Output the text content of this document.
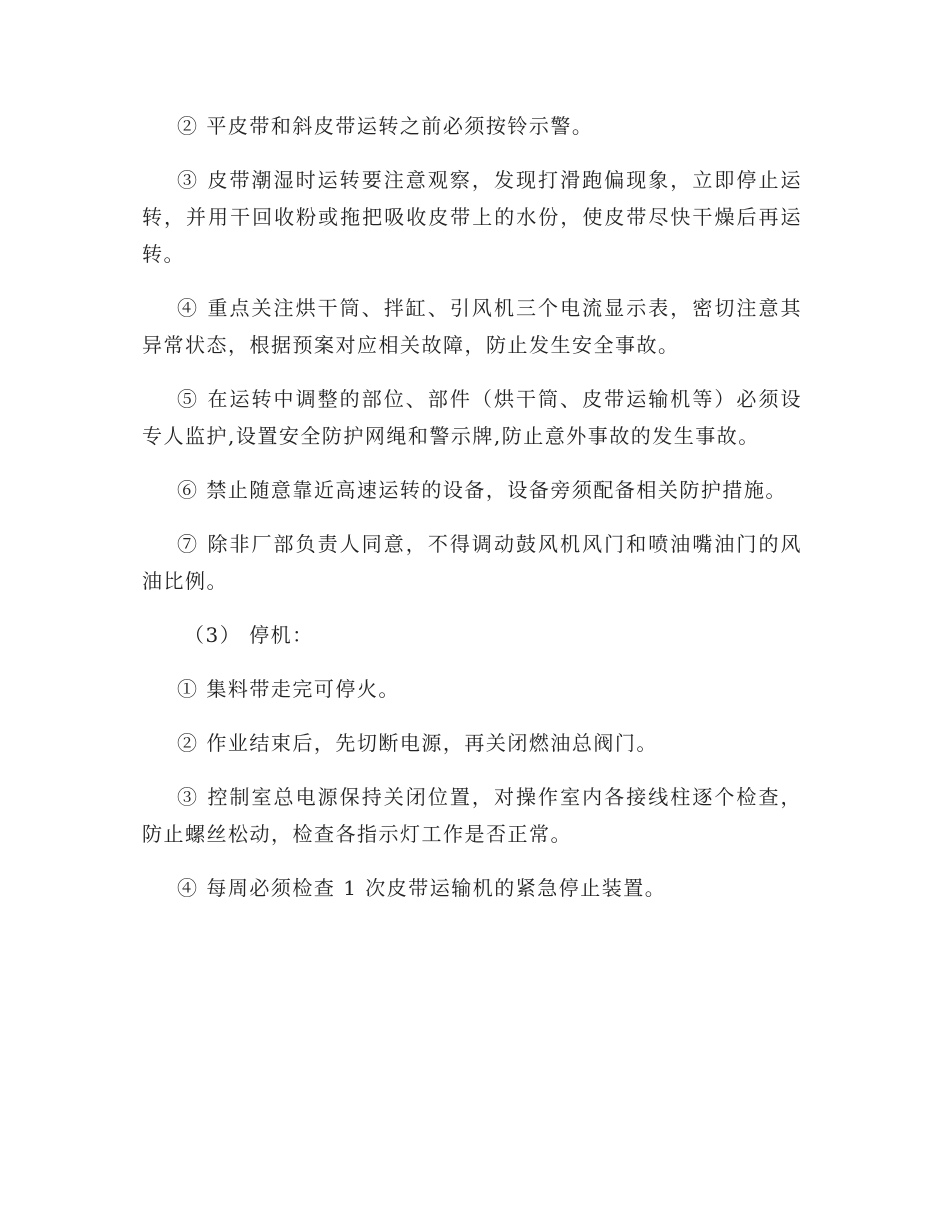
② 平皮带和斜皮带运转之前必须按铃示警。

③ 皮带潮湿时运转要注意观察，发现打滑跑偏现象，立即停止运转，并用干回收粉或拖把吸收皮带上的水份，使皮带尽快干燥后再运转。

④ 重点关注烘干筒、拌缸、引风机三个电流显示表，密切注意其异常状态，根据预案对应相关故障，防止发生安全事故。

⑤ 在运转中调整的部位、部件（烘干筒、皮带运输机等）必须设专人监护,设置安全防护网绳和警示牌,防止意外事故的发生事故。

⑥ 禁止随意靠近高速运转的设备，设备旁须配备相关防护措施。

⑦ 除非厂部负责人同意，不得调动鼓风机风门和喷油嘴油门的风油比例。

（3） 停机：

① 集料带走完可停火。

② 作业结束后，先切断电源，再关闭燃油总阀门。

③ 控制室总电源保持关闭位置，对操作室内各接线柱逐个检查，防止螺丝松动，检查各指示灯工作是否正常。

④ 每周必须检查 1 次皮带运输机的紧急停止装置。
